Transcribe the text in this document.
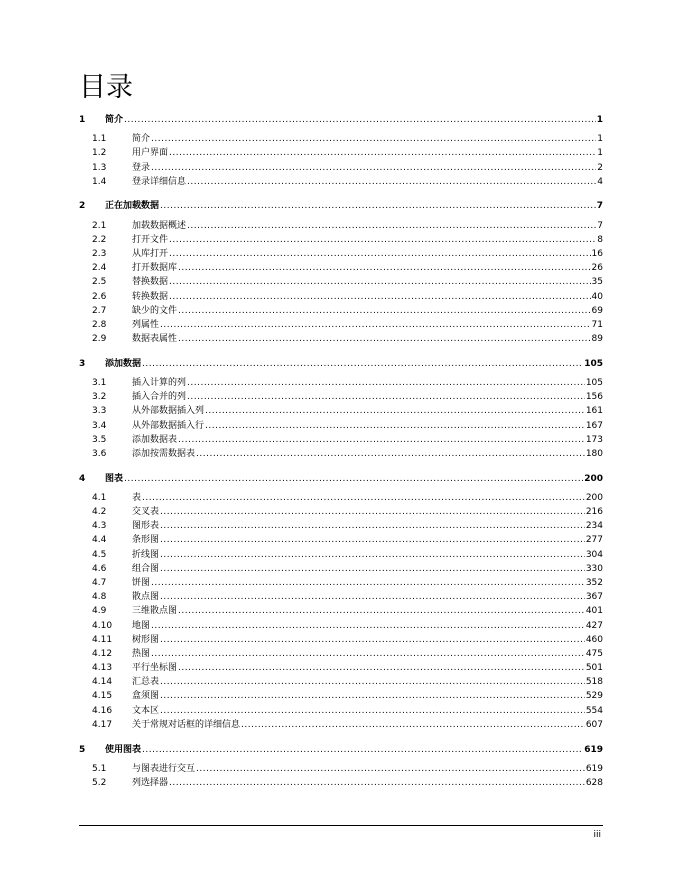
目录
1	简介 .....	1
1.1	简介 .....	1
1.2	用户界面 .....	1
1.3	登录 .....	2
1.4	登录详细信息 .....	4
2	正在加载数据 .....	7
2.1	加载数据概述 .....	7
2.2	打开文件 .....	8
2.3	从库打开 .....	16
2.4	打开数据库 .....	26
2.5	替换数据 .....	35
2.6	转换数据 .....	40
2.7	缺少的文件 .....	69
2.8	列属性 .....	71
2.9	数据表属性 .....	89
3	添加数据 .....	105
3.1	插入计算的列 .....	105
3.2	插入合并的列 .....	156
3.3	从外部数据插入列 .....	161
3.4	从外部数据插入行 .....	167
3.5	添加数据表 .....	173
3.6	添加按需数据表 .....	180
4	图表 .....	200
4.1	表 .....	200
4.2	交叉表 .....	216
4.3	图形表 .....	234
4.4	条形图 .....	277
4.5	折线图 .....	304
4.6	组合图 .....	330
4.7	饼图 .....	352
4.8	散点图 .....	367
4.9	三维散点图 .....	401
4.10	地图 .....	427
4.11	树形图 .....	460
4.12	热图 .....	475
4.13	平行坐标图 .....	501
4.14	汇总表 .....	518
4.15	盒须图 .....	529
4.16	文本区 .....	554
4.17	关于常规对话框的详细信息 .....	607
5	使用图表 .....	619
5.1	与图表进行交互 .....	619
5.2	列选择器 .....	628
iii
